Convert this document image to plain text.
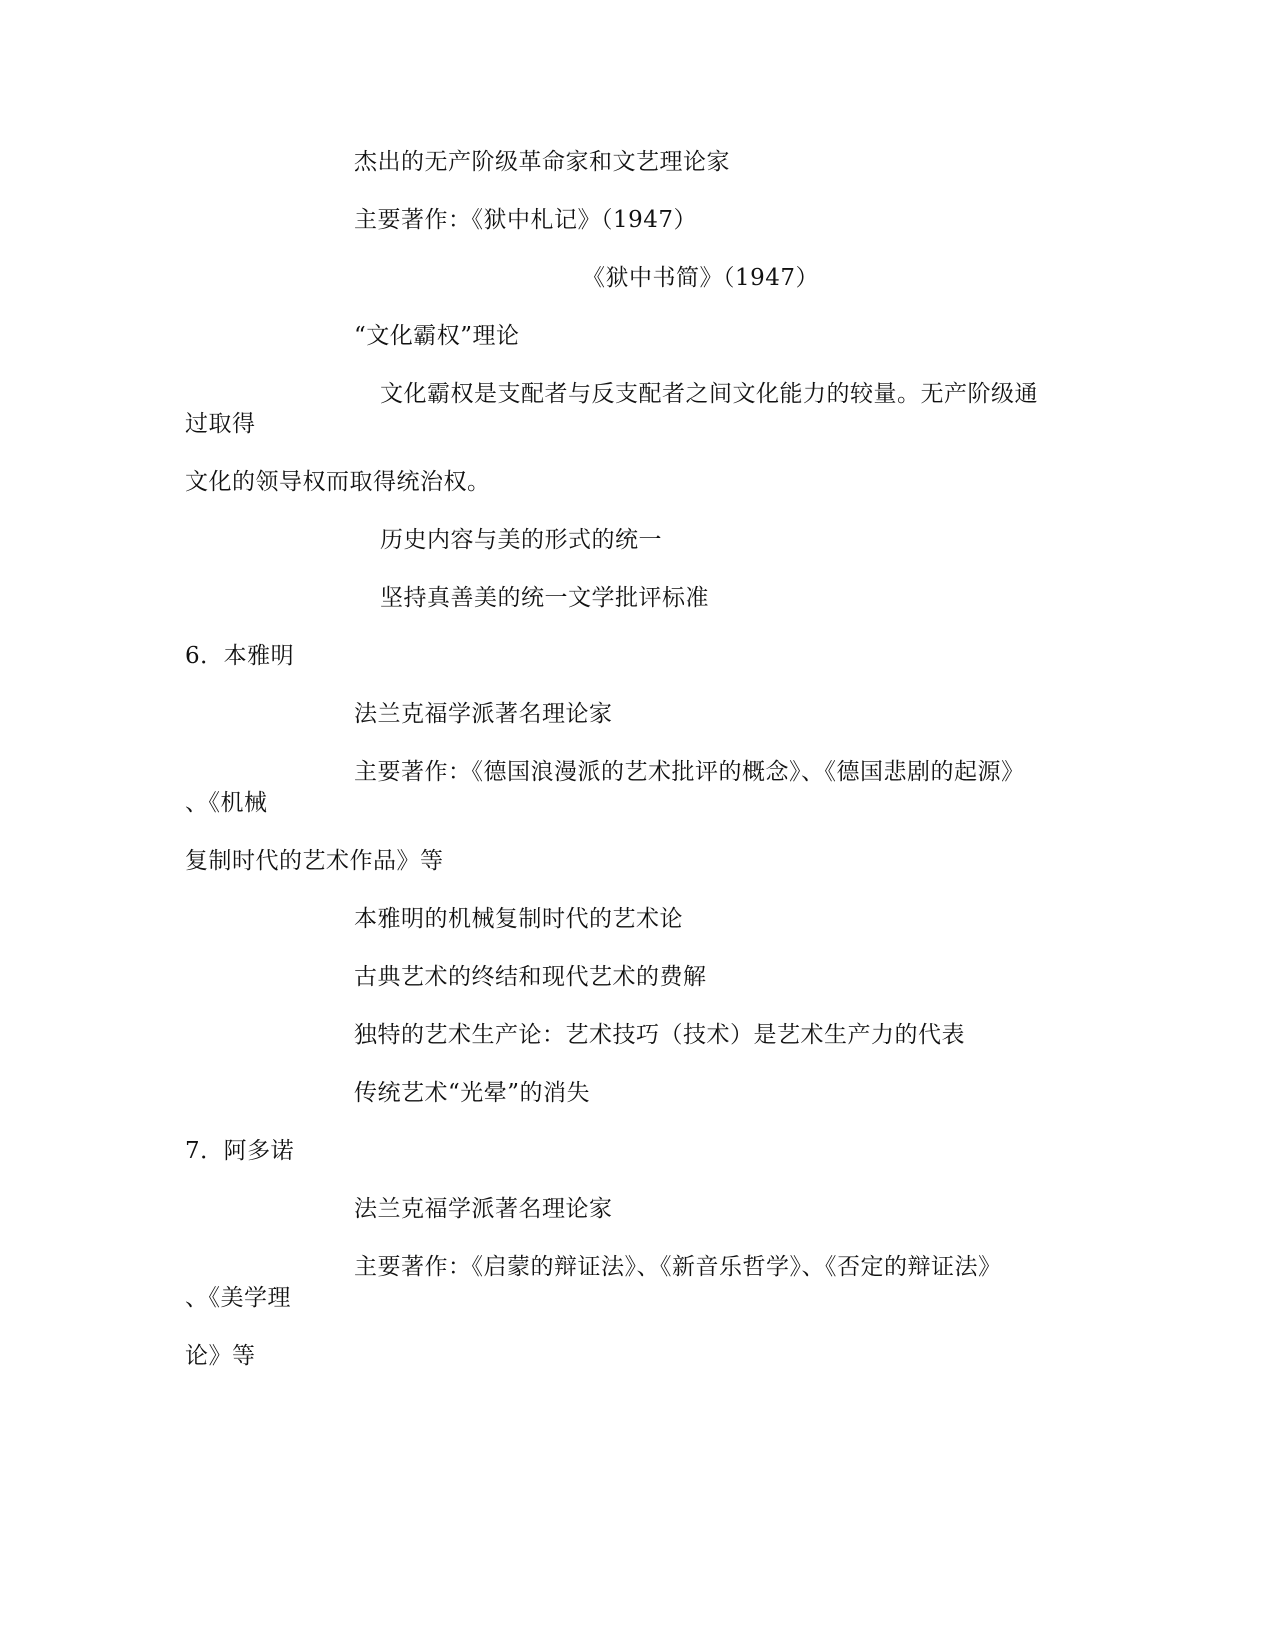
杰出的无产阶级革命家和文艺理论家
主要著作：《狱中札记》（1947）
《狱中书简》（1947）
“文化霸权”理论
文化霸权是支配者与反支配者之间文化能力的较量。无产阶级通
过取得
文化的领导权而取得统治权。
历史内容与美的形式的统一
坚持真善美的统一文学批评标准
6．本雅明
法兰克福学派著名理论家
主要著作：《德国浪漫派的艺术批评的概念》、《德国悲剧的起源》
、《机械
复制时代的艺术作品》等
本雅明的机械复制时代的艺术论
古典艺术的终结和现代艺术的费解
独特的艺术生产论：艺术技巧（技术）是艺术生产力的代表
传统艺术“光晕”的消失
7．阿多诺
法兰克福学派著名理论家
主要著作：《启蒙的辩证法》、《新音乐哲学》、《否定的辩证法》
、《美学理
论》等
